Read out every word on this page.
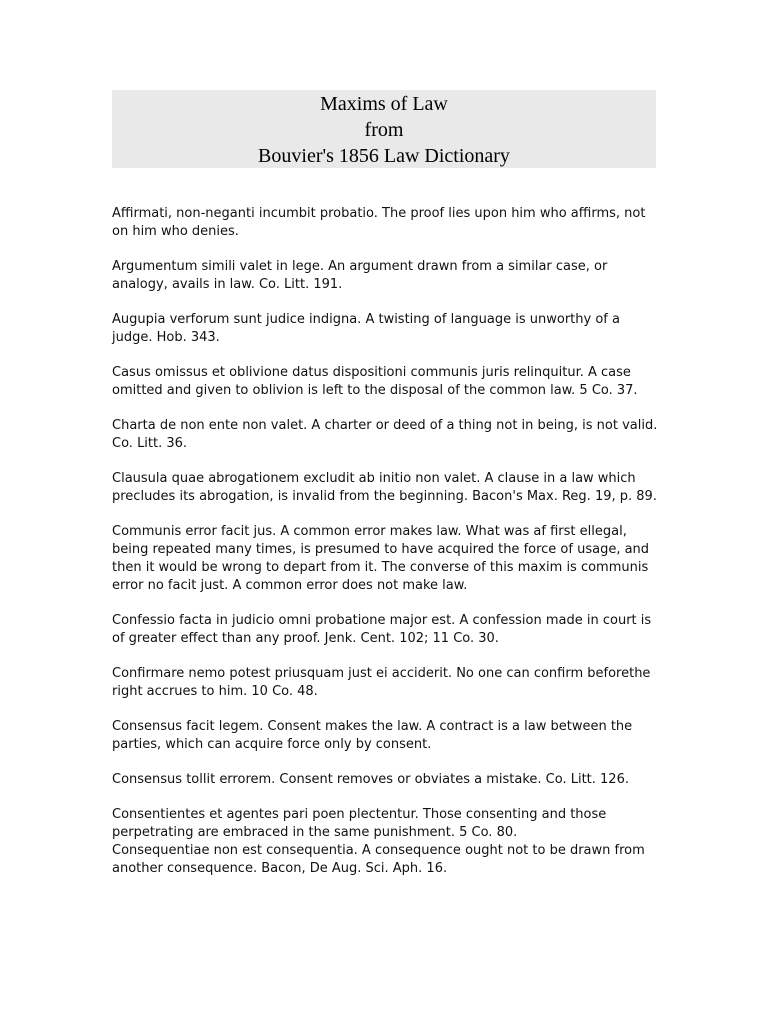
Maxims of Law
from
Bouvier's 1856 Law Dictionary

Affirmati, non-neganti incumbit probatio. The proof lies upon him who affirms, not on him who denies.

Argumentum simili valet in lege. An argument drawn from a similar case, or analogy, avails in law. Co. Litt. 191.

Augupia verforum sunt judice indigna. A twisting of language is unworthy of a judge. Hob. 343.

Casus omissus et oblivione datus dispositioni communis juris relinquitur. A case omitted and given to oblivion is left to the disposal of the common law. 5 Co. 37.

Charta de non ente non valet. A charter or deed of a thing not in being, is not valid. Co. Litt. 36.

Clausula quae abrogationem excludit ab initio non valet. A clause in a law which precludes its abrogation, is invalid from the beginning. Bacon's Max. Reg. 19, p. 89.

Communis error facit jus. A common error makes law. What was af first ellegal, being repeated many times, is presumed to have acquired the force of usage, and then it would be wrong to depart from it. The converse of this maxim is communis error no facit just. A common error does not make law.

Confessio facta in judicio omni probatione major est. A confession made in court is of greater effect than any proof. Jenk. Cent. 102; 11 Co. 30.

Confirmare nemo potest priusquam just ei acciderit. No one can confirm beforethe right accrues to him. 10 Co. 48.

Consensus facit legem. Consent makes the law. A contract is a law between the parties, which can acquire force only by consent.

Consensus tollit errorem. Consent removes or obviates a mistake. Co. Litt. 126.

Consentientes et agentes pari poen plectentur. Those consenting and those perpetrating are embraced in the same punishment. 5 Co. 80.

Consequentiae non est consequentia. A consequence ought not to be drawn from another consequence. Bacon, De Aug. Sci. Aph. 16.
